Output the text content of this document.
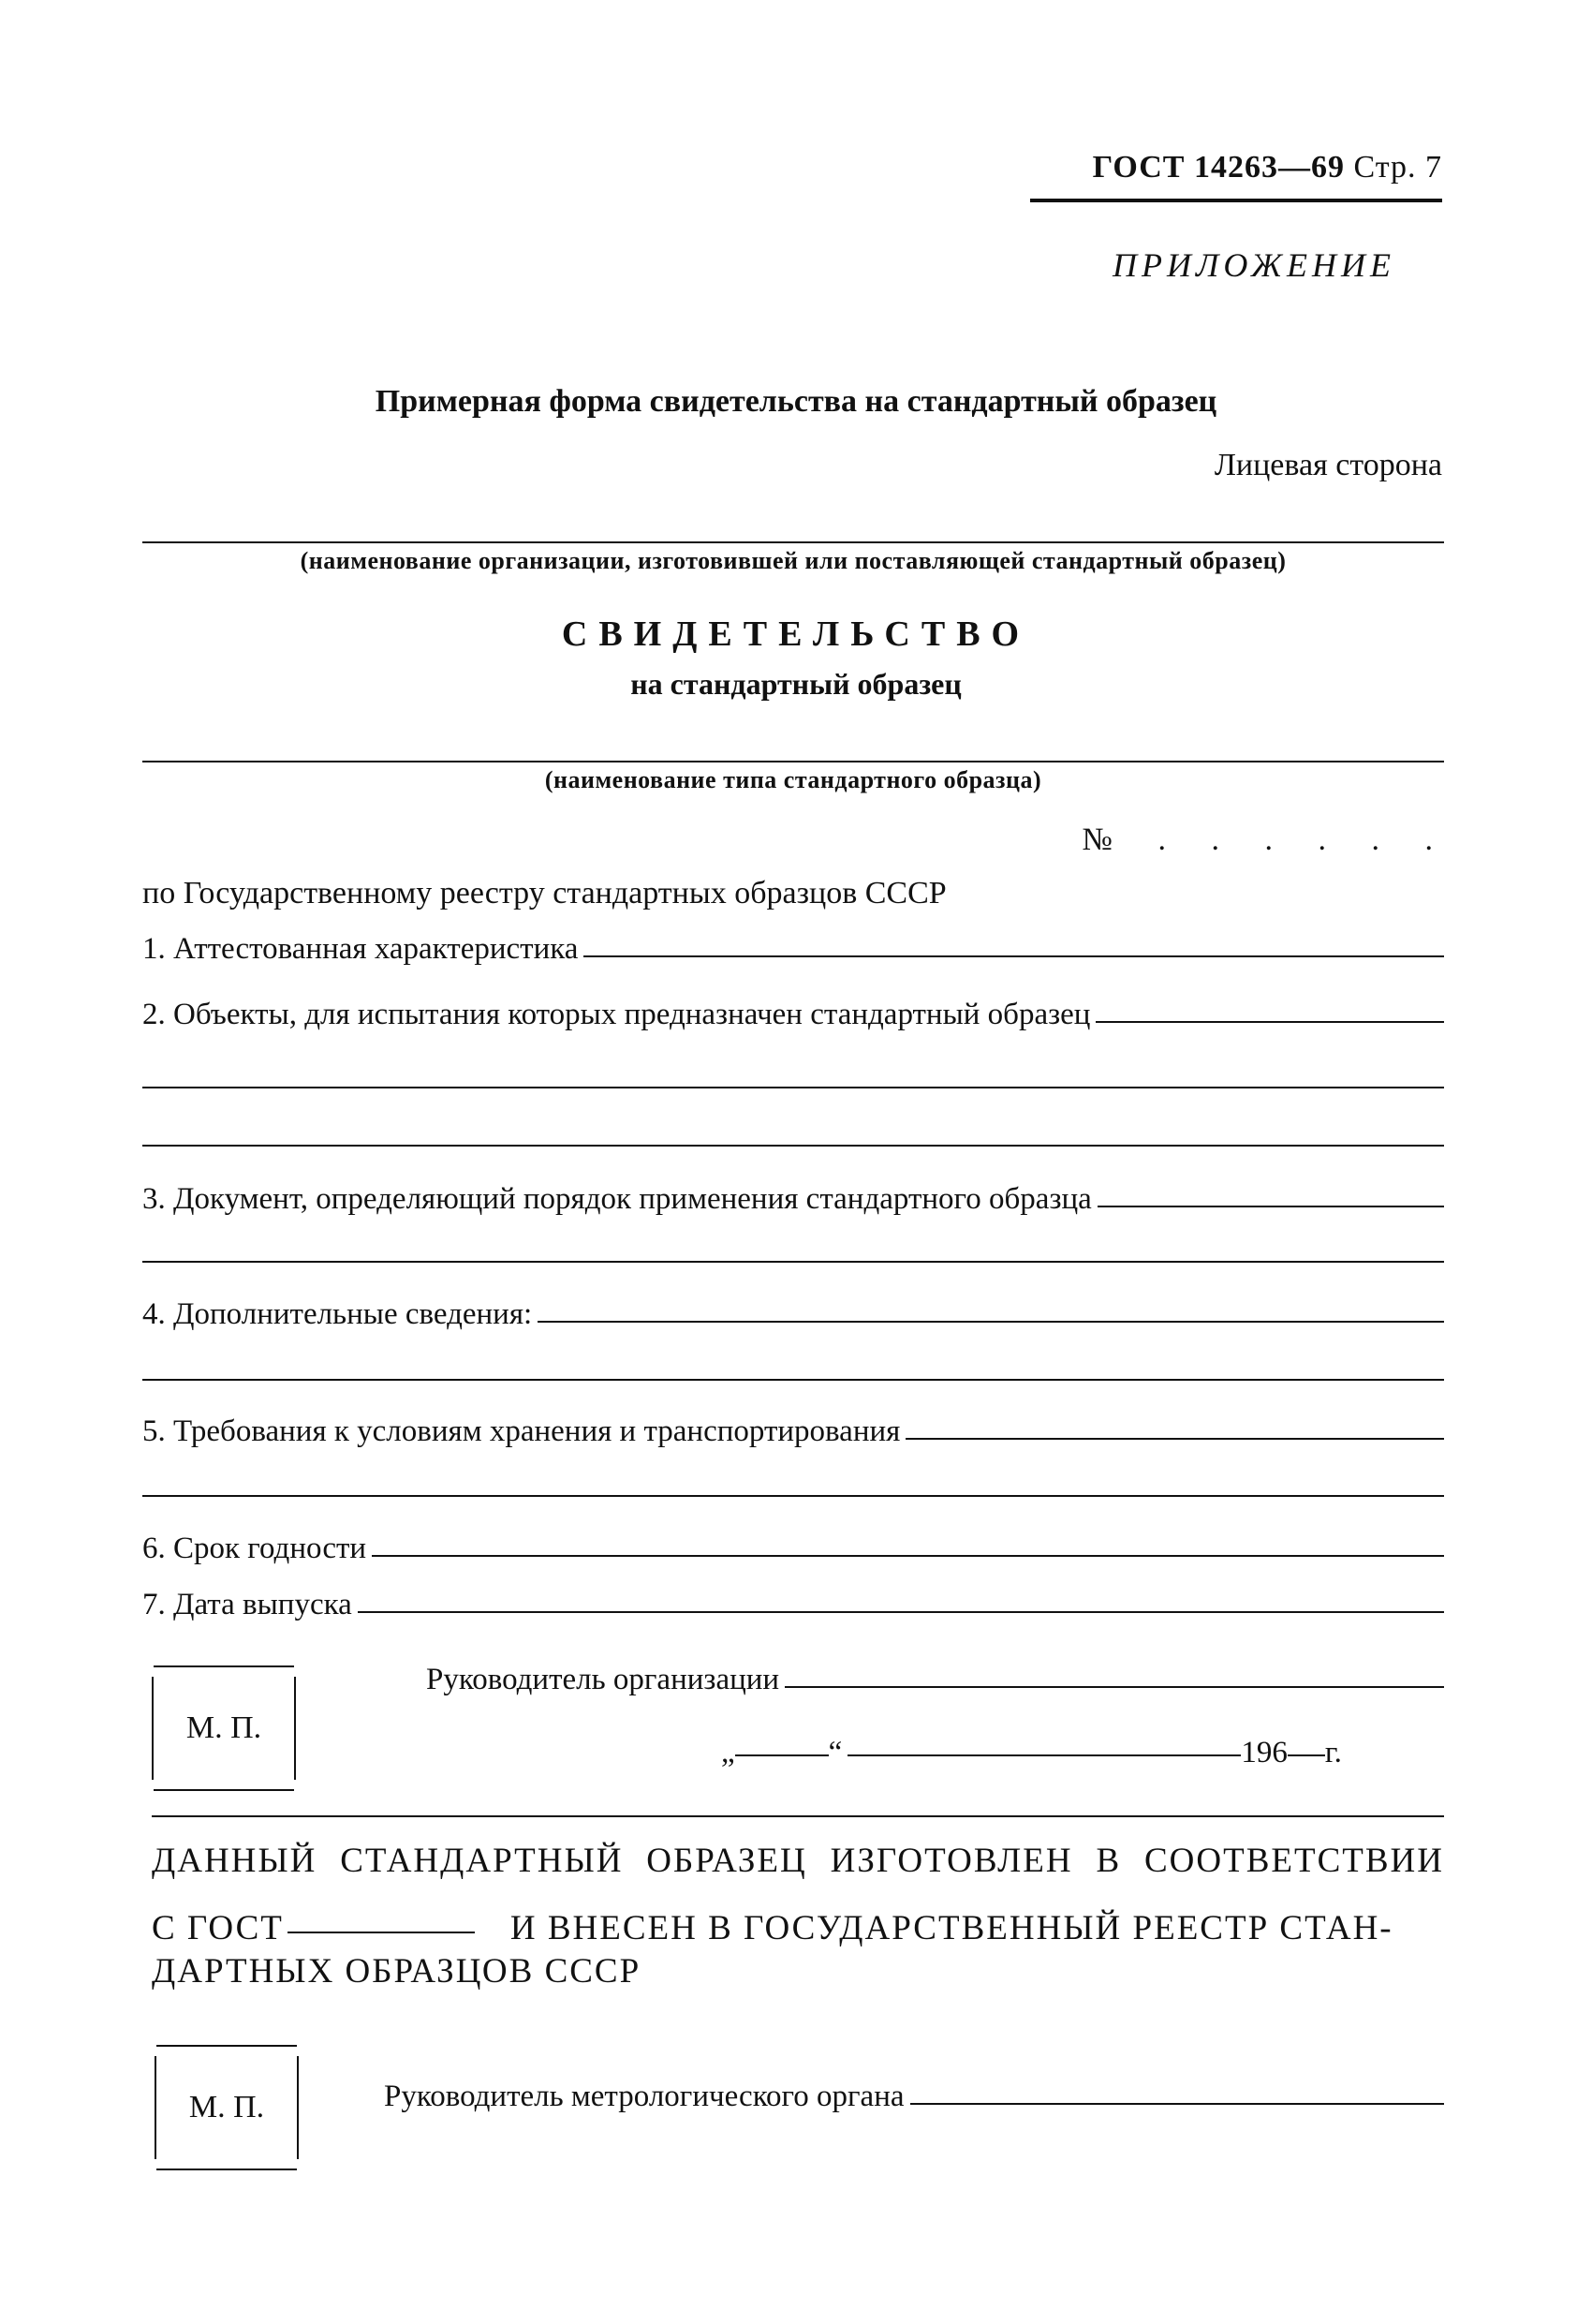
ГОСТ 14263—69 Стр. 7
ПРИЛОЖЕНИЕ
Примерная форма свидетельства на стандартный образец
Лицевая сторона
(наименование организации, изготовившей или поставляющей стандартный образец)
СВИДЕТЕЛЬСТВО
на стандартный образец
(наименование типа стандартного образца)
№ . . . . . .
по Государственному реестру стандартных образцов СССР
1. Аттестованная характеристика
2. Объекты, для испытания которых предназначен стандартный образец
3. Документ, определяющий порядок применения стандартного образца
4. Дополнительные сведения:
5. Требования к условиям хранения и транспортирования
6. Срок годности
7. Дата выпуска
М. П.
Руководитель организации
„	“	196 г.
ДАННЫЙ СТАНДАРТНЫЙ ОБРАЗЕЦ ИЗГОТОВЛЕН В СООТВЕТСТВИИ
С ГОСТ	И ВНЕСЕН В ГОСУДАРСТВЕННЫЙ РЕЕСТР СТАН-
ДАРТНЫХ ОБРАЗЦОВ СССР
М. П.	Руководитель метрологического органа
